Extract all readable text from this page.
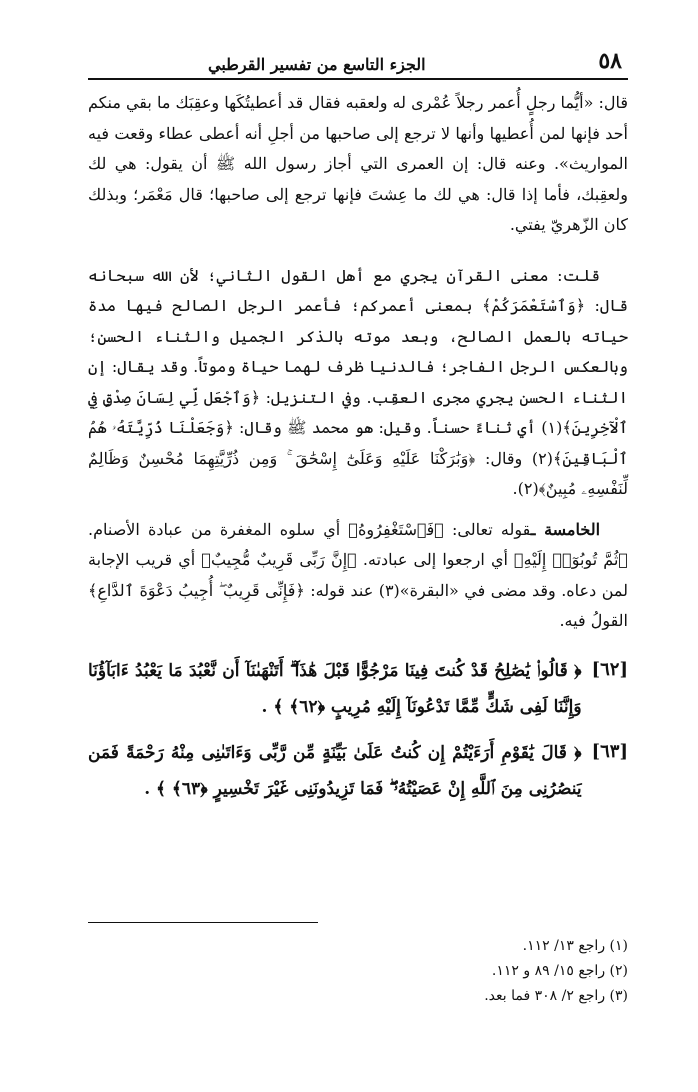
٥٨
الجزء التاسع من تفسير القرطبي

قال: «أيُّما رجلٍ أُعمر رجلاً عُمْرى له ولعقبه فقال قد أعطيتُكَها وعقِبَك ما بقي منكم أحد فإنها لمن أُعطيها وأنها لا ترجع إلى صاحبها من أجلِ أنه أعطى عطاء وقعت فيه المواريث». وعنه قال: إن العمرى التي أجاز رسول الله ﷺ أن يقول: هي لك ولعقِبك، فأما إذا قال: هي لك ما عِشتَ فإنها ترجع إلى صاحبها؛ قال مَعْمَر؛ وبذلك كان الزّهريّ يفتي.

قلت: معنى القرآن يجري مع أهل القول الثاني؛ لأن الله سبحانه قال: ﴿وَٱسْتَعْمَرَكُمْ﴾ بمعنى أعمركم؛ فأعمر الرجل الصالح فيها مدة حياته بالعمل الصالح، وبعد موته بالذكر الجميل والثناء الحسن؛ وبالعكس الرجل الفاجر؛ فالدنيا ظرف لهما حياة وموتاً. وقد يقال: إن الثناء الحسن يجري مجرى العقِب. وفي التنزيل: ﴿وَٱجْعَل لِّي لِسَانَ صِدْقٍ فِي ٱلْآخِرِينَ﴾(١) أي ثناءً حسناً. وقيل: هو محمد ﷺ وقال: ﴿وَجَعَلْنَا ذُرِّيَّتَهُۥ هُمُ ٱلْبَاقِينَ﴾(٢) وقال: ﴿وَبَٰرَكْنَا عَلَيْهِ وَعَلَىٰٓ إِسْحَٰقَ ۚ وَمِن ذُرِّيَّتِهِمَا مُحْسِنٌ وَظَالِمٌ لِّنَفْسِهِۦ مُبِينٌ﴾(٢).

الخامسة ـقوله تعالى: ﴿فَٱسْتَغْفِرُوهُ﴾ أي سلوه المغفرة من عبادة الأصنام. ﴿ثُمَّ تُوبُوٓا۟ إِلَيْهِ﴾ أي ارجعوا إلى عبادته. ﴿إِنَّ رَبِّى قَرِيبٌ مُّجِيبٌ﴾ أي قريب الإجابة لمن دعاه. وقد مضى في «البقرة»(٣) عند قوله: ﴿فَإِنِّى قَرِيبٌ ۖ أُجِيبُ دَعْوَةَ ٱلدَّاعِ﴾ القولُ فيه.

[٦٢]
﴿ قَالُوا۟ يَٰصَٰلِحُ قَدْ كُنتَ فِينَا مَرْجُوًّا قَبْلَ هَٰذَآ ۖ أَتَنْهَىٰنَآ أَن نَّعْبُدَ مَا يَعْبُدُ ءَابَآؤُنَا وَإِنَّنَا لَفِى شَكٍّ مِّمَّا تَدْعُونَآ إِلَيْهِ مُرِيبٍ ﴿٦٢﴾ ﴾ .
[٦٣]
﴿ قَالَ يَٰقَوْمِ أَرَءَيْتُمْ إِن كُنتُ عَلَىٰ بَيِّنَةٍ مِّن رَّبِّى وَءَاتَىٰنِى مِنْهُ رَحْمَةً فَمَن يَنصُرُنِى مِنَ ٱللَّهِ إِنْ عَصَيْتُهُۥ ۖ فَمَا تَزِيدُونَنِى غَيْرَ تَخْسِيرٍ ﴿٦٣﴾ ﴾ .

(١) راجع ١٣/ ١١٢.

(٢) راجع ١٥/ ٨٩ و ١١٢.

(٣) راجع ٢/ ٣٠٨ فما بعد.
